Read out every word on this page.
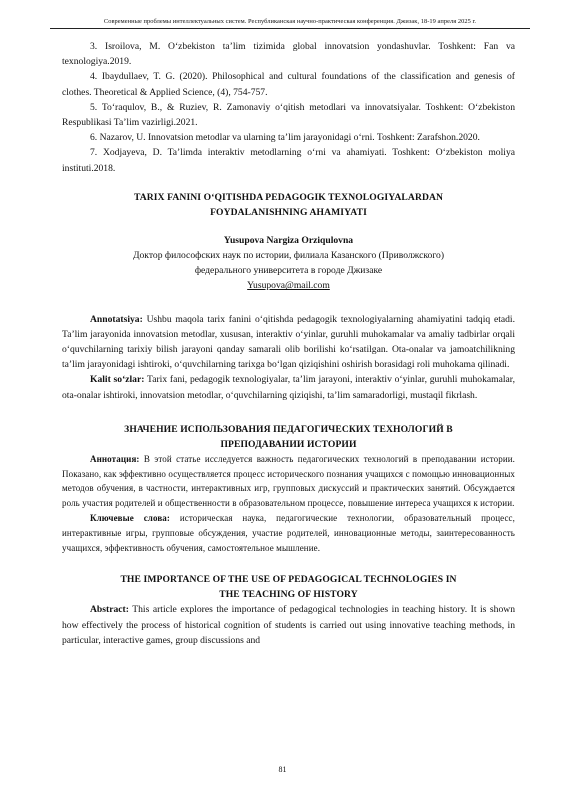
Современные проблемы интеллектуальных систем. Республиканская научно-практическая конференция. Джизак, 18-19 апреля 2025 г.

3. Isroilova, M. O‘zbekiston ta’lim tizimida global innovatsion yondashuvlar. Toshkent: Fan va texnologiya.2019.

4. Ibaydullaev, T. G. (2020). Philosophical and cultural foundations of the classification and genesis of clothes. Theoretical & Applied Science, (4), 754-757.

5. To‘raqulov, B., & Ruziev, R. Zamonaviy o‘qitish metodlari va innovatsiyalar. Toshkent: O‘zbekiston Respublikasi Ta’lim vazirligi.2021.

6. Nazarov, U. Innovatsion metodlar va ularning ta’lim jarayonidagi o‘rni. Toshkent: Zarafshon.2020.

7. Xodjayeva, D. Ta’limda interaktiv metodlarning o‘rni va ahamiyati. Toshkent: O‘zbekiston moliya instituti.2018.

TARIX FANINI O‘QITISHDA PEDAGOGIK TEXNOLOGIYALARDAN
FOYDALANISHNING AHAMIYATI

Yusupova Nargiza Orziqulovna

Доктор философских наук по истории, филиала Казанского (Приволжского)

федерального университета в городе Джизаке

Yusupova@mail.com

Annotatsiya: Ushbu maqola tarix fanini o‘qitishda pedagogik texnologiyalarning ahamiyatini tadqiq etadi. Ta’lim jarayonida innovatsion metodlar, xususan, interaktiv o‘yinlar, guruhli muhokamalar va amaliy tadbirlar orqali o‘quvchilarning tarixiy bilish jarayoni qanday samarali olib borilishi ko‘rsatilgan. Ota-onalar va jamoatchilikning ta’lim jarayonidagi ishtiroki, o‘quvchilarning tarixga bo‘lgan qiziqishini oshirish borasidagi roli muhokama qilinadi.

Kalit so‘zlar: Tarix fani, pedagogik texnologiyalar, ta’lim jarayoni, interaktiv o‘yinlar, guruhli muhokamalar, ota-onalar ishtiroki, innovatsion metodlar, o‘quvchilarning qiziqishi, ta’lim samaradorligi, mustaqil fikrlash.

ЗНАЧЕНИЕ ИСПОЛЬЗОВАНИЯ ПЕДАГОГИЧЕСКИХ ТЕХНОЛОГИЙ В
ПРЕПОДАВАНИИ ИСТОРИИ

Аннотация: В этой статье исследуется важность педагогических технологий в преподавании истории. Показано, как эффективно осуществляется процесс исторического познания учащихся с помощью инновационных методов обучения, в частности, интерактивных игр, групповых дискуссий и практических занятий. Обсуждается роль участия родителей и общественности в образовательном процессе, повышение интереса учащихся к истории.

Ключевые слова: историческая наука, педагогические технологии, образовательный процесс, интерактивные игры, групповые обсуждения, участие родителей, инновационные методы, заинтересованность учащихся, эффективность обучения, самостоятельное мышление.

THE IMPORTANCE OF THE USE OF PEDAGOGICAL TECHNOLOGIES IN
THE TEACHING OF HISTORY

Abstract: This article explores the importance of pedagogical technologies in teaching history. It is shown how effectively the process of historical cognition of students is carried out using innovative teaching methods, in particular, interactive games, group discussions and

81
